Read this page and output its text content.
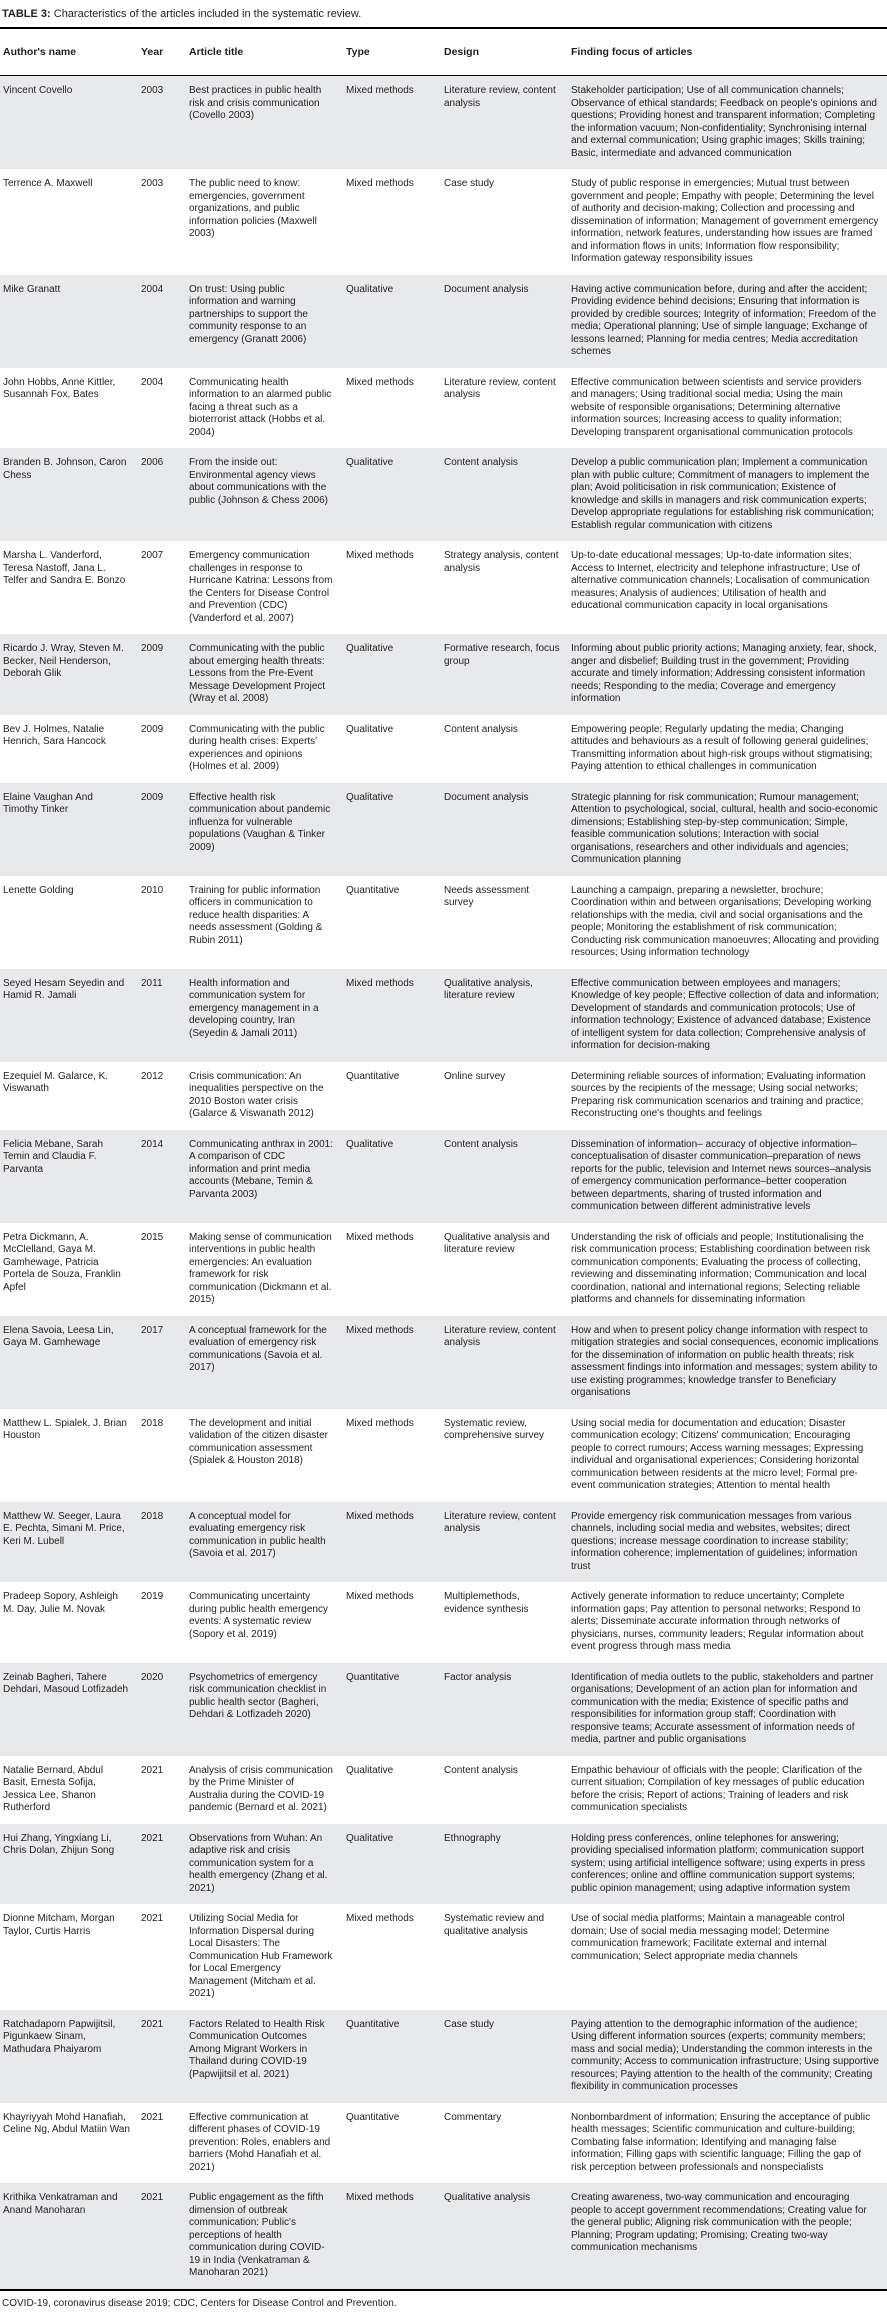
TABLE 3: Characteristics of the articles included in the systematic review.
Author's name	Year	Article title	Type	Design	Finding focus of articles
Vincent Covello	2003	Best practices in public health risk and crisis communication (Covello 2003)	Mixed methods	Literature review, content analysis	Stakeholder participation; Use of all communication channels; Observance of ethical standards; Feedback on people's opinions and questions; Providing honest and transparent information; Completing the information vacuum; Non-confidentiality; Synchronising internal and external communication; Using graphic images; Skills training; Basic, intermediate and advanced communication
Terrence A. Maxwell	2003	The public need to know: emergencies, government organizations, and public information policies (Maxwell 2003)	Mixed methods	Case study	Study of public response in emergencies; Mutual trust between government and people; Empathy with people; Determining the level of authority and decision-making; Collection and processing and dissemination of information; Management of government emergency information, network features, understanding how issues are framed and information flows in units; Information flow responsibility; Information gateway responsibility issues
Mike Granatt	2004	On trust: Using public information and warning partnerships to support the community response to an emergency (Granatt 2006)	Qualitative	Document analysis	Having active communication before, during and after the accident; Providing evidence behind decisions; Ensuring that information is provided by credible sources; Integrity of information; Freedom of the media; Operational planning; Use of simple language; Exchange of lessons learned; Planning for media centres; Media accreditation schemes
John Hobbs, Anne Kittler, Susannah Fox, Bates	2004	Communicating health information to an alarmed public facing a threat such as a bioterrorist attack (Hobbs et al. 2004)	Mixed methods	Literature review, content analysis	Effective communication between scientists and service providers and managers; Using traditional social media; Using the main website of responsible organisations; Determining alternative information sources; Increasing access to quality information; Developing transparent organisational communication protocols
Branden B. Johnson, Caron Chess	2006	From the inside out: Environmental agency views about communications with the public (Johnson & Chess 2006)	Qualitative	Content analysis	Develop a public communication plan; Implement a communication plan with public culture; Commitment of managers to implement the plan; Avoid politicisation in risk communication; Existence of knowledge and skills in managers and risk communication experts; Develop appropriate regulations for establishing risk communication; Establish regular communication with citizens
Marsha L. Vanderford, Teresa Nastoff, Jana L. Telfer and Sandra E. Bonzo	2007	Emergency communication challenges in response to Hurricane Katrina: Lessons from the Centers for Disease Control and Prevention (CDC) (Vanderford et al. 2007)	Mixed methods	Strategy analysis, content analysis	Up-to-date educational messages; Up-to-date information sites; Access to Internet, electricity and telephone infrastructure; Use of alternative communication channels; Localisation of communication measures; Analysis of audiences; Utilisation of health and educational communication capacity in local organisations
Ricardo J. Wray, Steven M. Becker, Neil Henderson, Deborah Glik	2009	Communicating with the public about emerging health threats: Lessons from the Pre-Event Message Development Project (Wray et al. 2008)	Qualitative	Formative research, focus group	Informing about public priority actions; Managing anxiety, fear, shock, anger and disbelief; Building trust in the government; Providing accurate and timely information; Addressing consistent information needs; Responding to the media; Coverage and emergency information
Bev J. Holmes, Natalie Henrich, Sara Hancock	2009	Communicating with the public during health crises: Experts' experiences and opinions (Holmes et al. 2009)	Qualitative	Content analysis	Empowering people; Regularly updating the media; Changing attitudes and behaviours as a result of following general guidelines; Transmitting information about high-risk groups without stigmatising; Paying attention to ethical challenges in communication
Elaine Vaughan And Timothy Tinker	2009	Effective health risk communication about pandemic influenza for vulnerable populations (Vaughan & Tinker 2009)	Qualitative	Document analysis	Strategic planning for risk communication; Rumour management; Attention to psychological, social, cultural, health and socio-economic dimensions; Establishing step-by-step communication; Simple, feasible communication solutions; Interaction with social organisations, researchers and other individuals and agencies; Communication planning
Lenette Golding	2010	Training for public information officers in communication to reduce health disparities: A needs assessment (Golding & Rubin 2011)	Quantitative	Needs assessment survey	Launching a campaign, preparing a newsletter, brochure; Coordination within and between organisations; Developing working relationships with the media, civil and social organisations and the people; Monitoring the establishment of risk communication; Conducting risk communication manoeuvres; Allocating and providing resources; Using information technology
Seyed Hesam Seyedin and Hamid R. Jamali	2011	Health information and communication system for emergency management in a developing country, Iran (Seyedin & Jamali 2011)	Mixed methods	Qualitative analysis, literature review	Effective communication between employees and managers; Knowledge of key people; Effective collection of data and information; Development of standards and communication protocols; Use of information technology; Existence of advanced database; Existence of intelligent system for data collection; Comprehensive analysis of information for decision-making
Ezequiel M. Galarce, K. Viswanath	2012	Crisis communication: An inequalities perspective on the 2010 Boston water crisis (Galarce & Viswanath 2012)	Quantitative	Online survey	Determining reliable sources of information; Evaluating information sources by the recipients of the message; Using social networks; Preparing risk communication scenarios and training and practice; Reconstructing one's thoughts and feelings
Felicia Mebane, Sarah Temin and Claudia F. Parvanta	2014	Communicating anthrax in 2001: A comparison of CDC information and print media accounts (Mebane, Temin & Parvanta 2003)	Qualitative	Content analysis	Dissemination of information– accuracy of objective information–conceptualisation of disaster communication–preparation of news reports for the public, television and Internet news sources–analysis of emergency communication performance–better cooperation between departments, sharing of trusted information and communication between different administrative levels
Petra Dickmann, A. McClelland, Gaya M. Gamhewage, Patricia Portela de Souza, Franklin Apfel	2015	Making sense of communication interventions in public health emergencies: An evaluation framework for risk communication (Dickmann et al. 2015)	Mixed methods	Qualitative analysis and literature review	Understanding the risk of officials and people; Institutionalising the risk communication process; Establishing coordination between risk communication components; Evaluating the process of collecting, reviewing and disseminating information; Communication and local coordination, national and international regions; Selecting reliable platforms and channels for disseminating information
Elena Savoia, Leesa Lin, Gaya M. Gamhewage	2017	A conceptual framework for the evaluation of emergency risk communications (Savoia et al. 2017)	Mixed methods	Literature review, content analysis	How and when to present policy change information with respect to mitigation strategies and social consequences, economic implications for the dissemination of information on public health threats; risk assessment findings into information and messages; system ability to use existing programmes; knowledge transfer to Beneficiary organisations
Matthew L. Spialek, J. Brian Houston	2018	The development and initial validation of the citizen disaster communication assessment (Spialek & Houston 2018)	Mixed methods	Systematic review, comprehensive survey	Using social media for documentation and education; Disaster communication ecology; Citizens' communication; Encouraging people to correct rumours; Access warning messages; Expressing individual and organisational experiences; Considering horizontal communication between residents at the micro level; Formal pre-event communication strategies; Attention to mental health
Matthew W. Seeger, Laura E. Pechta, Simani M. Price, Keri M. Lubell	2018	A conceptual model for evaluating emergency risk communication in public health (Savoia et al. 2017)	Mixed methods	Literature review, content analysis	Provide emergency risk communication messages from various channels, including social media and websites, websites; direct questions; increase message coordination to increase stability; information coherence; implementation of guidelines; information trust
Pradeep Sopory, Ashleigh M. Day, Julie M. Novak	2019	Communicating uncertainty during public health emergency events: A systematic review (Sopory et al. 2019)	Mixed methods	Multiplemethods, evidence synthesis	Actively generate information to reduce uncertainty; Complete information gaps; Pay attention to personal networks; Respond to alerts; Disseminate accurate information through networks of physicians, nurses, community leaders; Regular information about event progress through mass media
Zeinab Bagheri, Tahere Dehdari, Masoud Lotfizadeh	2020	Psychometrics of emergency risk communication checklist in public health sector (Bagheri, Dehdari & Lotfizadeh 2020)	Quantitative	Factor analysis	Identification of media outlets to the public, stakeholders and partner organisations; Development of an action plan for information and communication with the media; Existence of specific paths and responsibilities for information group staff; Coordination with responsive teams; Accurate assessment of information needs of media, partner and public organisations
Natalie Bernard, Abdul Basit, Ernesta Sofija, Jessica Lee, Shanon Rutherford	2021	Analysis of crisis communication by the Prime Minister of Australia during the COVID-19 pandemic (Bernard et al. 2021)	Qualitative	Content analysis	Empathic behaviour of officials with the people; Clarification of the current situation; Compilation of key messages of public education before the crisis; Report of actions; Training of leaders and risk communication specialists
Hui Zhang, Yingxiang Li, Chris Dolan, Zhijun Song	2021	Observations from Wuhan: An adaptive risk and crisis communication system for a health emergency (Zhang et al. 2021)	Qualitative	Ethnography	Holding press conferences, online telephones for answering; providing specialised information platform; communication support system; using artificial intelligence software; using experts in press conferences; online and offline communication support systems; public opinion management; using adaptive information system
Dionne Mitcham, Morgan Taylor, Curtis Harris	2021	Utilizing Social Media for Information Dispersal during Local Disasters: The Communication Hub Framework for Local Emergency Management (Mitcham et al. 2021)	Mixed methods	Systematic review and qualitative analysis	Use of social media platforms; Maintain a manageable control domain; Use of social media messaging model; Determine communication framework; Facilitate external and internal communication; Select appropriate media channels
Ratchadaporn Papwijitsil, Pigunkaew Sinam, Mathudara Phaiyarom	2021	Factors Related to Health Risk Communication Outcomes Among Migrant Workers in Thailand during COVID-19 (Papwijitsil et al. 2021)	Quantitative	Case study	Paying attention to the demographic information of the audience; Using different information sources (experts; community members; mass and social media); Understanding the common interests in the community; Access to communication infrastructure; Using supportive resources; Paying attention to the health of the community; Creating flexibility in communication processes
Khayriyyah Mohd Hanafiah, Celine Ng, Abdul Matiin Wan	2021	Effective communication at different phases of COVID-19 prevention: Roles, enablers and barriers (Mohd Hanafiah et al. 2021)	Quantitative	Commentary	Nonbombardment of information; Ensuring the acceptance of public health messages; Scientific communication and culture-building; Combating false information; Identifying and managing false information; Filling gaps with scientific language; Filling the gap of risk perception between professionals and nonspecialists
Krithika Venkatraman and Anand Manoharan	2021	Public engagement as the fifth dimension of outbreak communication: Public's perceptions of health communication during COVID-19 in India (Venkatraman & Manoharan 2021)	Mixed methods	Qualitative analysis	Creating awareness, two-way communication and encouraging people to accept government recommendations; Creating value for the general public; Aligning risk communication with the people; Planning; Program updating; Promising; Creating two-way communication mechanisms
COVID-19, coronavirus disease 2019; CDC, Centers for Disease Control and Prevention.
